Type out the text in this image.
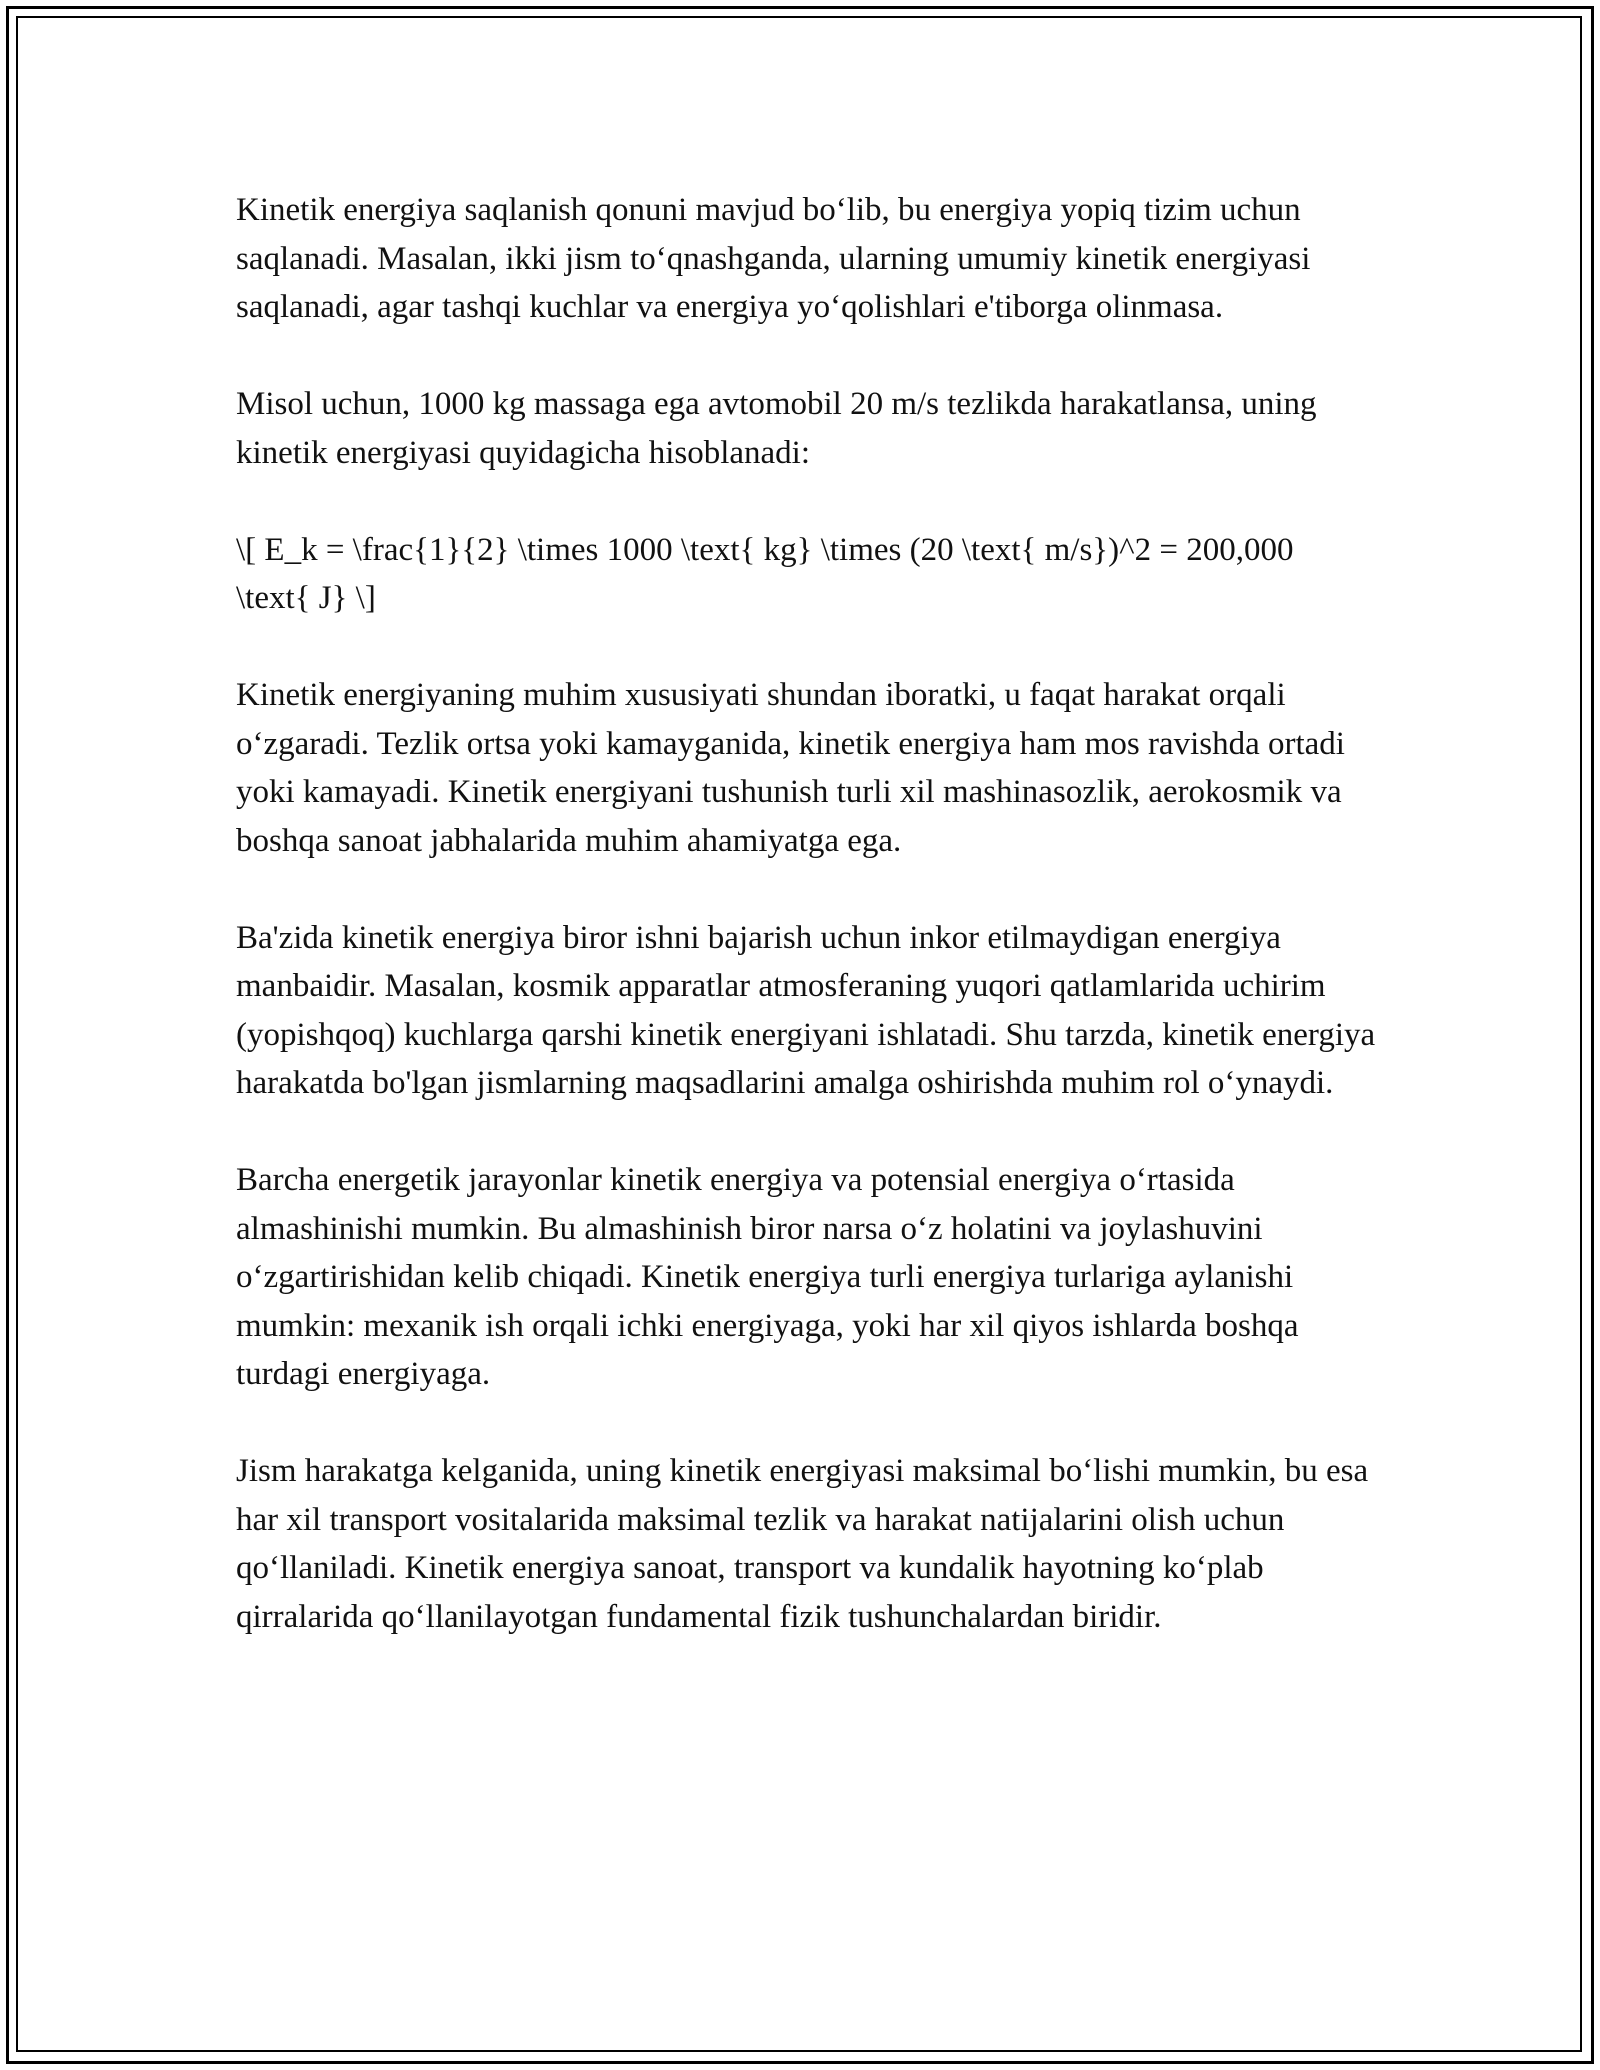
Kinetik energiya saqlanish qonuni mavjud bo‘lib, bu energiya yopiq tizim uchun saqlanadi. Masalan, ikki jism to‘qnashganda, ularning umumiy kinetik energiyasi saqlanadi, agar tashqi kuchlar va energiya yo‘qolishlari e'tiborga olinmasa.

Misol uchun, 1000 kg massaga ega avtomobil 20 m/s tezlikda harakatlansa, uning kinetik energiyasi quyidagicha hisoblanadi:

\[ E_k = \frac{1}{2} \times 1000 \text{ kg} \times (20 \text{ m/s})^2 = 200,000 \text{ J} \]

Kinetik energiyaning muhim xususiyati shundan iboratki, u faqat harakat orqali o‘zgaradi. Tezlik ortsa yoki kamayganida, kinetik energiya ham mos ravishda ortadi yoki kamayadi. Kinetik energiyani tushunish turli xil mashinasozlik, aerokosmik va boshqa sanoat jabhalarida muhim ahamiyatga ega.

Ba'zida kinetik energiya biror ishni bajarish uchun inkor etilmaydigan energiya manbaidir. Masalan, kosmik apparatlar atmosferaning yuqori qatlamlarida uchirim (yopishqoq) kuchlarga qarshi kinetik energiyani ishlatadi. Shu tarzda, kinetik energiya harakatda bo'lgan jismlarning maqsadlarini amalga oshirishda muhim rol o‘ynaydi.

Barcha energetik jarayonlar kinetik energiya va potensial energiya o‘rtasida almashinishi mumkin. Bu almashinish biror narsa o‘z holatini va joylashuvini o‘zgartirishidan kelib chiqadi. Kinetik energiya turli energiya turlariga aylanishi mumkin: mexanik ish orqali ichki energiyaga, yoki har xil qiyos ishlarda boshqa turdagi energiyaga.

Jism harakatga kelganida, uning kinetik energiyasi maksimal bo‘lishi mumkin, bu esa har xil transport vositalarida maksimal tezlik va harakat natijalarini olish uchun qo‘llaniladi. Kinetik energiya sanoat, transport va kundalik hayotning ko‘plab qirralarida qo‘llanilayotgan fundamental fizik tushunchalardan biridir.
